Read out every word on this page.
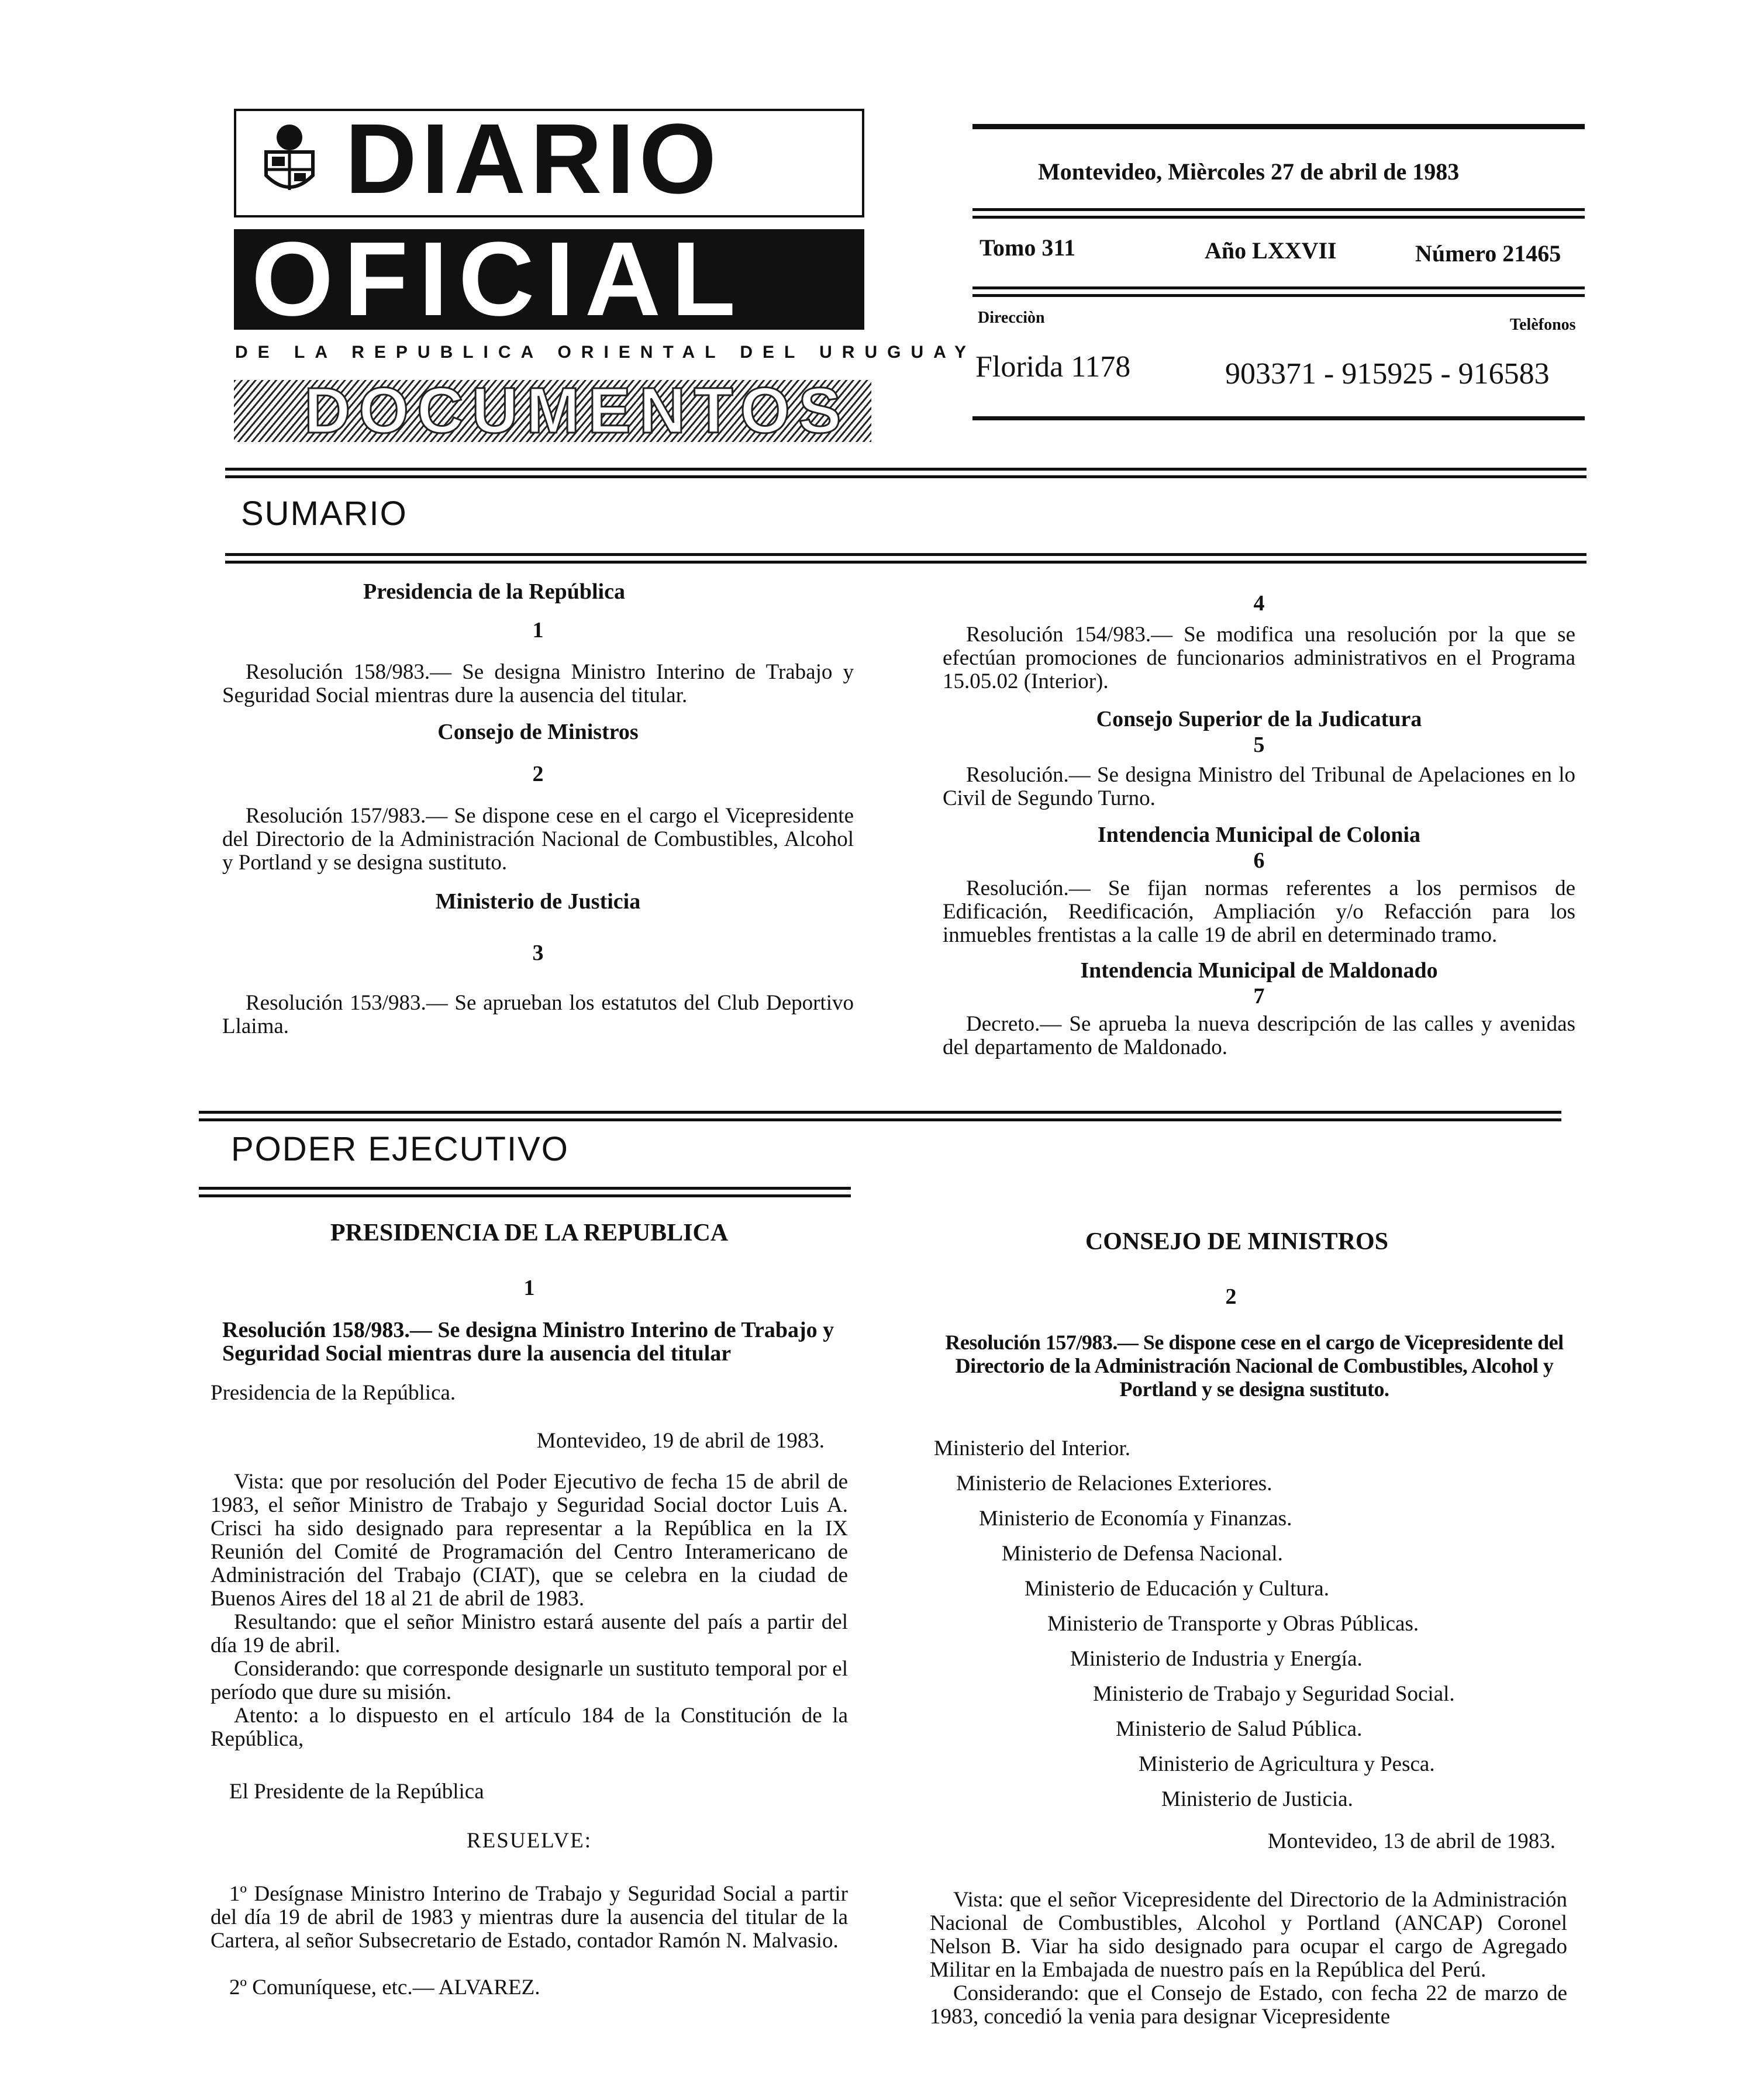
DIARIO
OFICIAL
DE LA REPUBLICA ORIENTAL DEL URUGUAY
DOCUMENTOS
Montevideo, Mièrcoles 27 de abril de 1983
Tomo 311	Año LXXVII	Número 21465
Direcciòn	Telèfonos
Florida 1178	903371 - 915925 - 916583
SUMARIO
Presidencia de la República
1
Resolución 158/983.— Se designa Ministro Interino de Trabajo y Seguridad Social mientras dure la ausencia del titular.
Consejo de Ministros
2
Resolución 157/983.— Se dispone cese en el cargo el Vicepresidente del Directorio de la Administración Nacional de Combustibles, Alcohol y Portland y se designa sustituto.
Ministerio de Justicia
3
Resolución 153/983.— Se aprueban los estatutos del Club Deportivo Llaima.
4
Resolución 154/983.— Se modifica una resolución por la que se efectúan promociones de funcionarios administrativos en el Programa 15.05.02 (Interior).
Consejo Superior de la Judicatura
5
Resolución.— Se designa Ministro del Tribunal de Apelaciones en lo Civil de Segundo Turno.
Intendencia Municipal de Colonia
6
Resolución.— Se fijan normas referentes a los permisos de Edificación, Reedificación, Ampliación y/o Refacción para los inmuebles frentistas a la calle 19 de abril en determinado tramo.
Intendencia Municipal de Maldonado
7
Decreto.— Se aprueba la nueva descripción de las calles y avenidas del departamento de Maldonado.
PODER EJECUTIVO
PRESIDENCIA DE LA REPUBLICA
1
Resolución 158/983.— Se designa Ministro Interino de Trabajo y Seguridad Social mientras dure la ausencia del titular
Presidencia de la República.
Montevideo, 19 de abril de 1983.
Vista: que por resolución del Poder Ejecutivo de fecha 15 de abril de 1983, el señor Ministro de Trabajo y Seguridad Social doctor Luis A. Crisci ha sido designado para representar a la República en la IX Reunión del Comité de Programación del Centro Interamericano de Administración del Trabajo (CIAT), que se celebra en la ciudad de Buenos Aires del 18 al 21 de abril de 1983.
Resultando: que el señor Ministro estará ausente del país a partir del día 19 de abril.
Considerando: que corresponde designarle un sustituto temporal por el período que dure su misión.
Atento: a lo dispuesto en el artículo 184 de la Constitución de la República,
El Presidente de la República
RESUELVE:
1º Desígnase Ministro Interino de Trabajo y Seguridad Social a partir del día 19 de abril de 1983 y mientras dure la ausencia del titular de la Cartera, al señor Subsecretario de Estado, contador Ramón N. Malvasio.
2º Comuníquese, etc.— ALVAREZ.
CONSEJO DE MINISTROS
2
Resolución 157/983.— Se dispone cese en el cargo de Vicepresidente del Directorio de la Administración Nacional de Combustibles, Alcohol y Portland y se designa sustituto.
Ministerio del Interior.
Ministerio de Relaciones Exteriores.
Ministerio de Economía y Finanzas.
Ministerio de Defensa Nacional.
Ministerio de Educación y Cultura.
Ministerio de Transporte y Obras Públicas.
Ministerio de Industria y Energía.
Ministerio de Trabajo y Seguridad Social.
Ministerio de Salud Pública.
Ministerio de Agricultura y Pesca.
Ministerio de Justicia.
Montevideo, 13 de abril de 1983.
Vista: que el señor Vicepresidente del Directorio de la Administración Nacional de Combustibles, Alcohol y Portland (ANCAP) Coronel Nelson B. Viar ha sido designado para ocupar el cargo de Agregado Militar en la Embajada de nuestro país en la República del Perú.
Considerando: que el Consejo de Estado, con fecha 22 de marzo de 1983, concedió la venia para designar Vicepresidente
